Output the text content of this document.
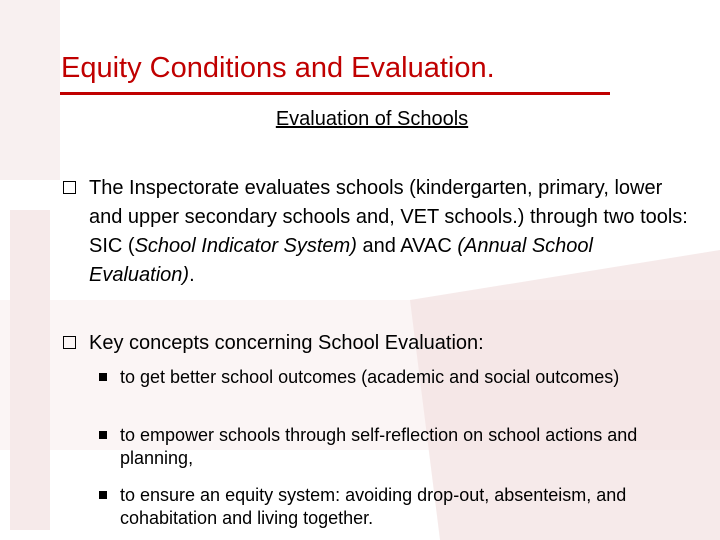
Equity Conditions and Evaluation.
Evaluation of Schools
The Inspectorate evaluates schools (kindergarten, primary, lower and upper secondary schools and, VET schools.) through two tools: SIC (School Indicator System) and AVAC (Annual School Evaluation).
Key concepts concerning School Evaluation:
to get better school outcomes (academic and social outcomes)
to empower schools through self-reflection on school actions and planning,
to ensure an equity system: avoiding drop-out, absenteism, and cohabitation and living together.
